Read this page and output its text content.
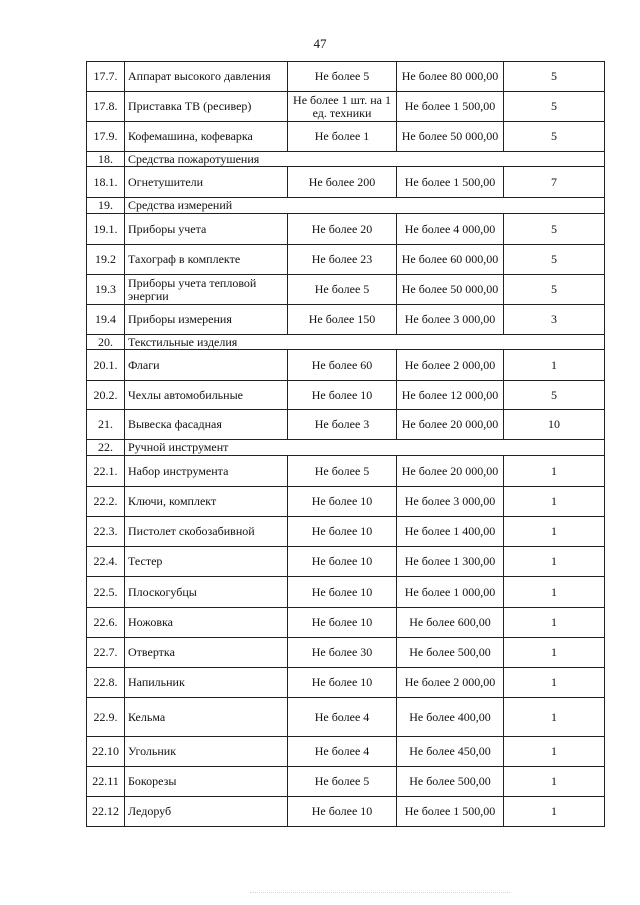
47
17.7.	Аппарат высокого давления	Не более 5	Не более 80 000,00	5
17.8.	Приставка ТВ (ресивер)	Не более 1 шт. на 1 ед. техники	Не более 1 500,00	5
17.9.	Кофемашина, кофеварка	Не более 1	Не более 50 000,00	5
18.	Средства пожаротушения			
18.1.	Огнетушители	Не более 200	Не более 1 500,00	7
19.	Средства измерений			
19.1.	Приборы учета	Не более 20	Не более 4 000,00	5
19.2	Тахограф в комплекте	Не более 23	Не более 60 000,00	5
19.3	Приборы учета тепловой энергии	Не более 5	Не более 50 000,00	5
19.4	Приборы измерения	Не более 150	Не более 3 000,00	3
20.	Текстильные изделия			
20.1.	Флаги	Не более 60	Не более 2 000,00	1
20.2.	Чехлы автомобильные	Не более 10	Не более 12 000,00	5
21.	Вывеска фасадная	Не более 3	Не более 20 000,00	10
22.	Ручной инструмент			
22.1.	Набор инструмента	Не более 5	Не более 20 000,00	1
22.2.	Ключи, комплект	Не более 10	Не более 3 000,00	1
22.3.	Пистолет скобозабивной	Не более 10	Не более 1 400,00	1
22.4.	Тестер	Не более 10	Не более 1 300,00	1
22.5.	Плоскогубцы	Не более 10	Не более 1 000,00	1
22.6.	Ножовка	Не более 10	Не более 600,00	1
22.7.	Отвертка	Не более 30	Не более 500,00	1
22.8.	Напильник	Не более 10	Не более 2 000,00	1
22.9.	Кельма	Не более 4	Не более 400,00	1
22.10	Угольник	Не более 4	Не более 450,00	1
22.11	Бокорезы	Не более 5	Не более 500,00	1
22.12	Ледоруб	Не более 10	Не более 1 500,00	1
